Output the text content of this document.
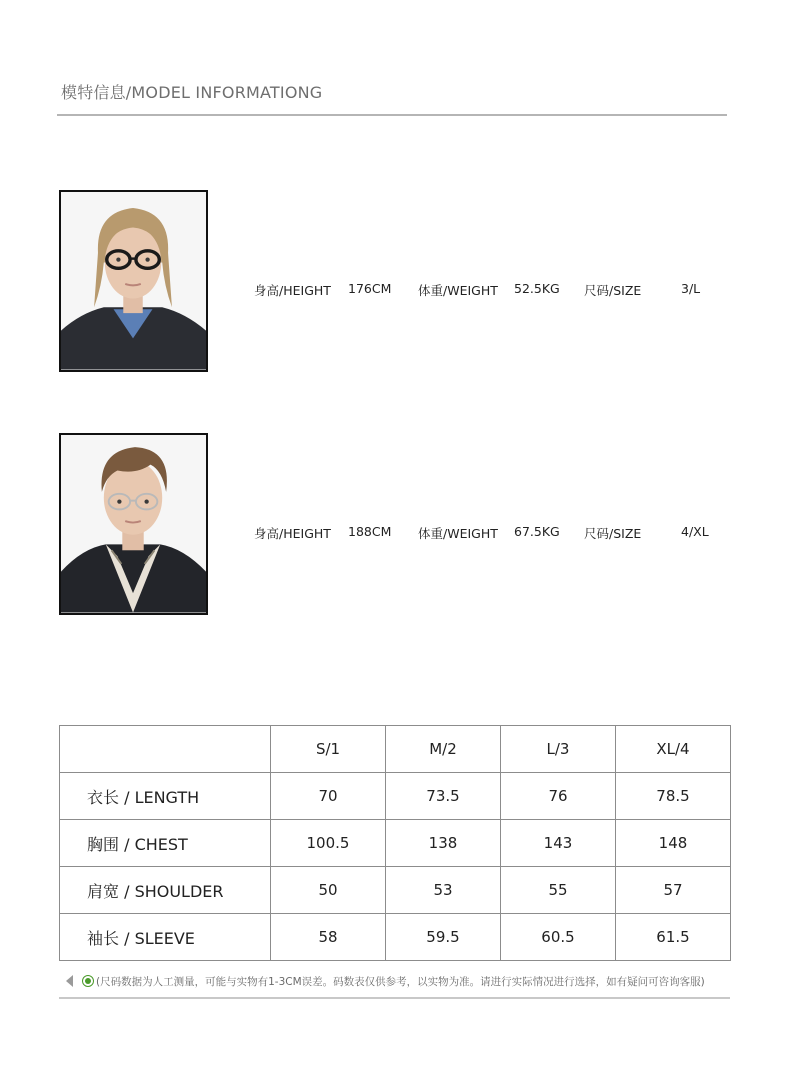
模特信息/MODEL INFORMATIONG
身高/HEIGHT 176CM 体重/WEIGHT 52.5KG 尺码/SIZE	3/L
身高/HEIGHT 188CM 体重/WEIGHT 67.5KG 尺码/SIZE	4/XL
	S/1	M/2	L/3	XL/4
衣长 / LENGTH	70	73.5	76	78.5
胸围 / CHEST	100.5	138	143	148
肩宽 / SHOULDER	50	53	55	57
袖长 / SLEEVE	58	59.5	60.5	61.5
(尺码数据为人工测量，可能与实物有1-3CM误差。码数表仅供参考，以实物为准。请进行实际情况进行选择，如有疑问可咨询客服)
